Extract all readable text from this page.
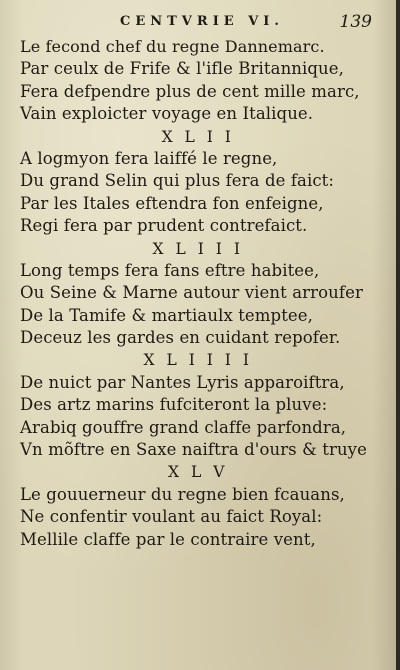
CENTVRIE VI.	139
Le fecond chef du regne Dannemarc.
Par ceulx de Frife & l'ifle Britannique,
Fera defpendre plus de cent mille marc,
Vain exploicter voyage en Italique.
X L I I
A logmyon fera laiffé le regne,
Du grand Selin qui plus fera de faict:
Par les Itales eftendra fon enfeigne,
Regi fera par prudent contrefaict.
X L I I I
Long temps fera fans eftre habitee,
Ou Seine & Marne autour vient arroufer
De la Tamife & martiaulx temptee,
Deceuz les gardes en cuidant repofer.
X L I I I I
De nuict par Nantes Lyris apparoiftra,
Des artz marins fufciteront la pluve:
Arabiq gouffre grand claffe parfondra,
Vn mõftre en Saxe naiftra d'ours & truye
X L V
Le gouuerneur du regne bien fcauans,
Ne confentir voulant au faict Royal:
Mellile claffe par le contraire vent,
